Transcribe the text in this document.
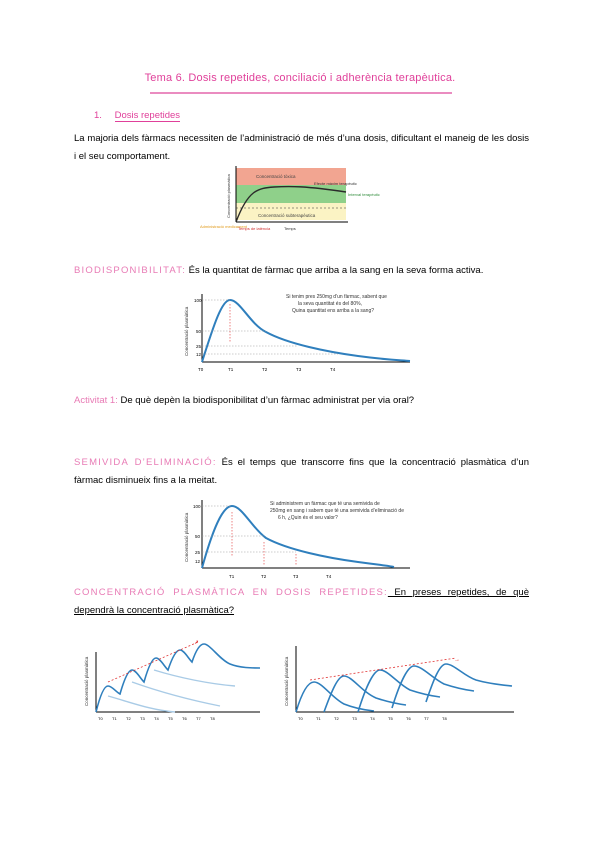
Tema 6. Dosis repetides, conciliació i adherència terapèutica.
1. Dosis repetides
La majoria dels fàrmacs necessiten de l’administració de més d’una dosis, dificultant el maneig de les dosis i el seu comportament.
Concentració tòxica
Efecte màxim terapèutic
Interval terapèutic
Concentració subterapèutica
Administració medicament
Temps de latència	Temps
Concentració plasmàtica
BIODISPONIBILITAT: És la quantitat de fàrmac que arriba a la sang en la seva forma activa.
Concentració plasmàtica
100
50
25
12
T0	T1	T2	T3	T4
Si tenim pres 250mg d’un fàrmac, sabent que
la seva quantitat és del 80%,
Quina quantitat ens arriba a la sang?
Activitat 1: De què depèn la biodisponibilitat d’un fàrmac administrat per via oral?
SEMIVIDA D’ELIMINACIÓ: És el temps que transcorre fins que la concentració plasmàtica d’un fàrmac disminueix fins a la meitat.
Concentració plasmàtica
100
50
25
12
T1	T2	T3	T4
Si administrem un fàrmac que té una semivida de
250mg en sang i sabem que té una semivida d’eliminació de
6 h, ¿Quin és el seu valor?
CONCENTRACIÓ PLASMÀTICA EN DOSIS REPETIDES: En preses repetides, de què dependrà la concentració plasmàtica?
Concentració plasmàtica
➚
T0 T1 T2 T3 T4 T5 T6 T7 T8
Concentració plasmàtica	→
T0	T1	T2	T3	T4	T5	T6	T7	T8
